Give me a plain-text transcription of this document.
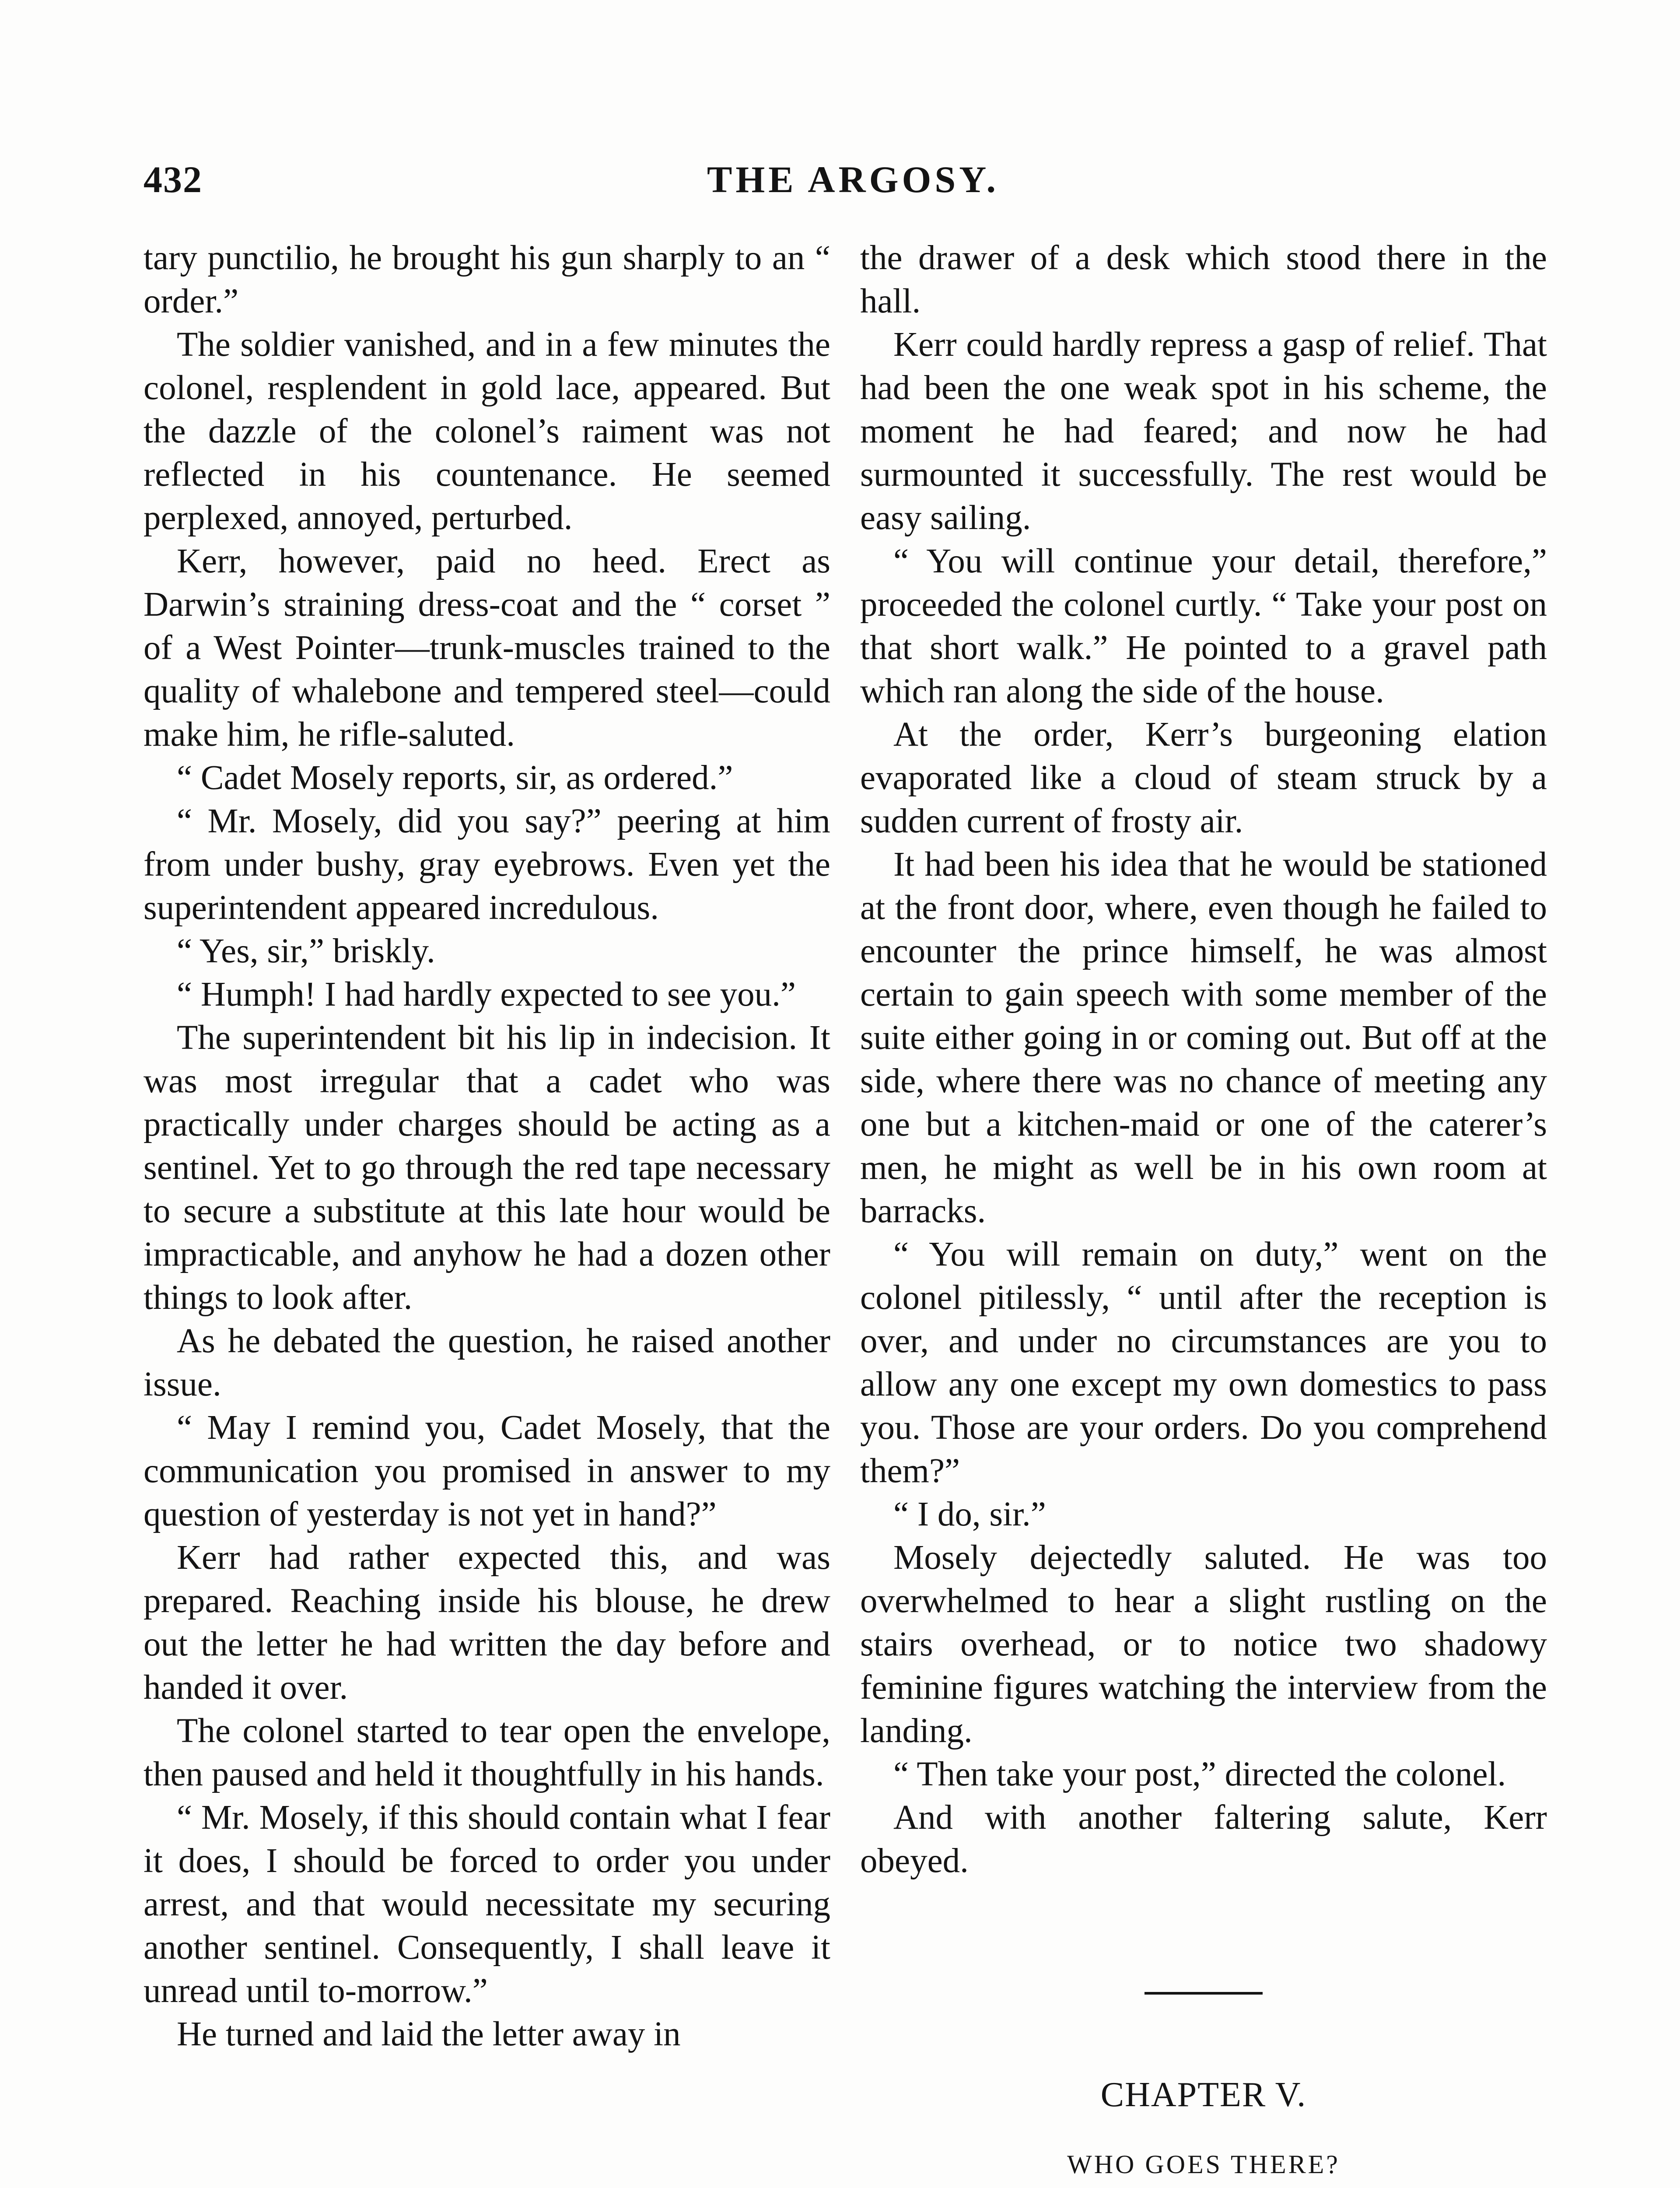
432	THE ARGOSY.

tary punctilio, he brought his gun sharply to an “ order.”

The soldier vanished, and in a few minutes the colonel, resplendent in gold lace, appeared. But the dazzle of the colonel’s raiment was not reflected in his countenance. He seemed perplexed, annoyed, perturbed.

Kerr, however, paid no heed. Erect as Darwin’s straining dress-coat and the “ corset ” of a West Pointer—trunk-muscles trained to the quality of whalebone and tempered steel—could make him, he rifle-saluted.

“ Cadet Mosely reports, sir, as ordered.”

“ Mr. Mosely, did you say?” peering at him from under bushy, gray eyebrows. Even yet the superintendent appeared incredulous.

“ Yes, sir,” briskly.

“ Humph! I had hardly expected to see you.”

The superintendent bit his lip in indecision. It was most irregular that a cadet who was practically under charges should be acting as a sentinel. Yet to go through the red tape necessary to secure a substitute at this late hour would be impracticable, and anyhow he had a dozen other things to look after.

As he debated the question, he raised another issue.

“ May I remind you, Cadet Mosely, that the communication you promised in answer to my question of yesterday is not yet in hand?”

Kerr had rather expected this, and was prepared. Reaching inside his blouse, he drew out the letter he had written the day before and handed it over.

The colonel started to tear open the envelope, then paused and held it thoughtfully in his hands.

“ Mr. Mosely, if this should contain what I fear it does, I should be forced to order you under arrest, and that would necessitate my securing another sentinel. Consequently, I shall leave it unread until to-morrow.”

He turned and laid the letter away in

the drawer of a desk which stood there in the hall.

Kerr could hardly repress a gasp of relief. That had been the one weak spot in his scheme, the moment he had feared; and now he had surmounted it successfully. The rest would be easy sailing.

“ You will continue your detail, therefore,” proceeded the colonel curtly. “ Take your post on that short walk.” He pointed to a gravel path which ran along the side of the house.

At the order, Kerr’s burgeoning elation evaporated like a cloud of steam struck by a sudden current of frosty air.

It had been his idea that he would be stationed at the front door, where, even though he failed to encounter the prince himself, he was almost certain to gain speech with some member of the suite either going in or coming out. But off at the side, where there was no chance of meeting any one but a kitchen-maid or one of the caterer’s men, he might as well be in his own room at barracks.

“ You will remain on duty,” went on the colonel pitilessly, “ until after the reception is over, and under no circumstances are you to allow any one except my own domestics to pass you. Those are your orders. Do you comprehend them?”

“ I do, sir.”

Mosely dejectedly saluted. He was too overwhelmed to hear a slight rustling on the stairs overhead, or to notice two shadowy feminine figures watching the interview from the landing.

“ Then take your post,” directed the colonel.

And with another faltering salute, Kerr obeyed.

CHAPTER V.
WHO GOES THERE?
